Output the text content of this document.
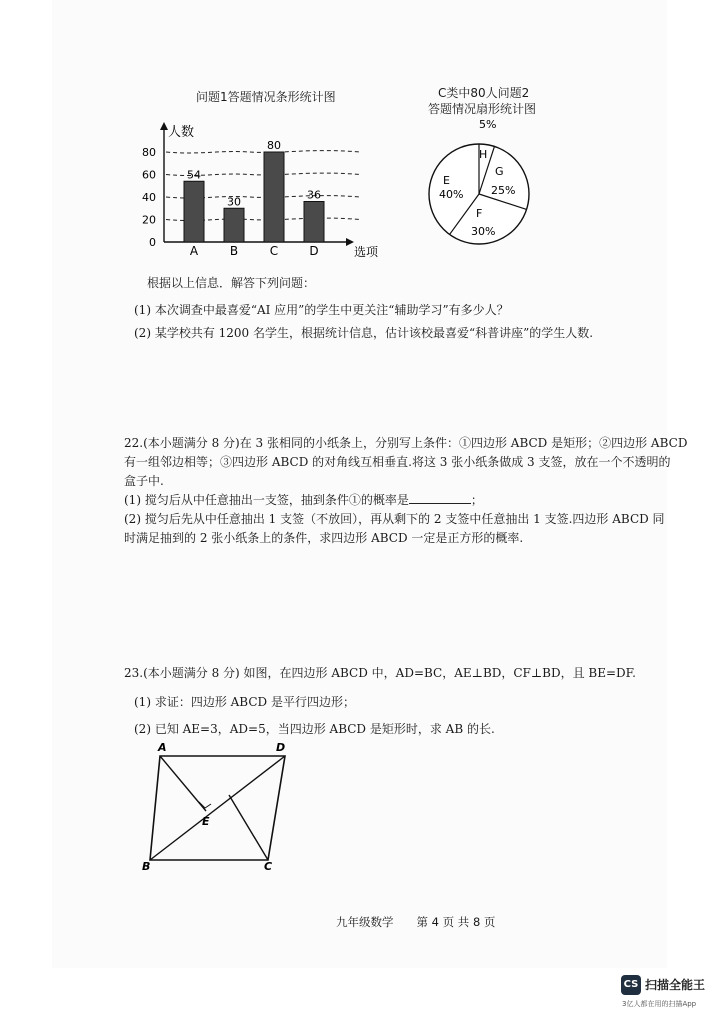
问题1答题情况条形统计图
人数
选项
0
20
40
60
80
54
A
30
B
80
C
36
D
C类中80人问题2
答题情况扇形统计图
5%
H
G
25%
E
40%
F
30%
根据以上信息．解答下列问题：
(1) 本次调查中最喜爱“AI 应用”的学生中更关注“辅助学习”有多少人？
(2) 某学校共有 1200 名学生，根据统计信息，估计该校最喜爱“科普讲座”的学生人数.
22.(本小题满分 8 分)在 3 张相同的小纸条上，分别写上条件：①四边形 ABCD 是矩形；②四边形 ABCD
有一组邻边相等；③四边形 ABCD 的对角线互相垂直.将这 3 张小纸条做成 3 支签，放在一个不透明的
盒子中.
(1) 搅匀后从中任意抽出一支签，抽到条件①的概率是	；
(2) 搅匀后先从中任意抽出 1 支签（不放回），再从剩下的 2 支签中任意抽出 1 支签.四边形 ABCD 同
时满足抽到的 2 张小纸条上的条件，求四边形 ABCD 一定是正方形的概率.
23.(本小题满分 8 分) 如图，在四边形 ABCD 中，AD=BC，AE⊥BD，CF⊥BD，且 BE=DF.
(1) 求证：四边形 ABCD 是平行四边形；
(2) 已知 AE=3，AD=5，当四边形 ABCD 是矩形时，求 AB 的长.
A	D
E
B	C
九年级数学　　第 4 页 共 8 页
CS 扫描全能王
3亿人都在用的扫描App
